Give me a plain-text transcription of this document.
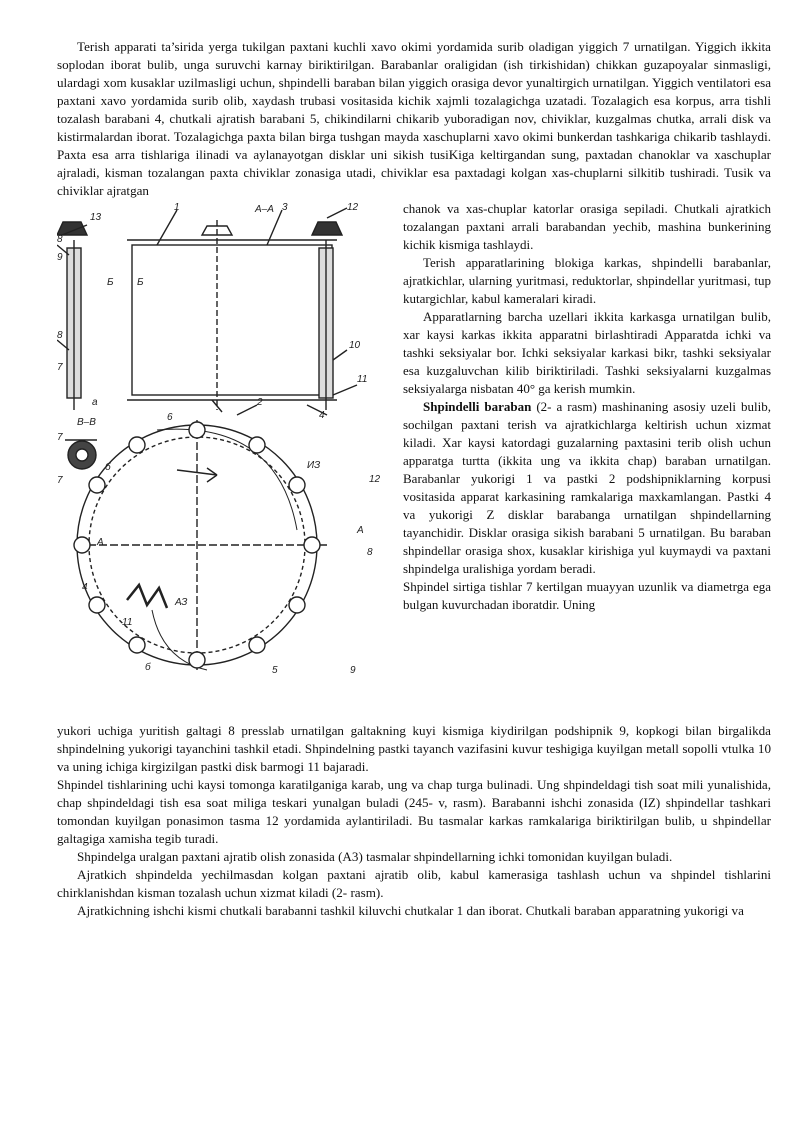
Terish apparati ta’sirida yerga tukilgan paxtani kuchli xavo okimi yordamida surib oladigan yiggich 7 urnatilgan. Yiggich ikkita soplodan iborat bulib, unga suruvchi karnay biriktirilgan. Barabanlar oraligidan (ish tirkishidan) chikkan guzapoyalar sinmasligi, ulardagi xom kusaklar uzilmasligi uchun, shpindelli baraban bilan yiggich orasiga devor yunaltirgich urnatilgan. Yiggich ventilatori esa paxtani xavo yordamida surib olib, xaydash trubasi vositasida kichik xajmli tozalagichga uzatadi. Tozalagich esa korpus, arra tishli tozalash barabani 4, chutkali ajratish barabani 5, chikindilarni chikarib yuboradigan nov, chiviklar, kuzgalmas chutka, arrali disk va kistirmalardan iborat. Tozalagichga paxta bilan birga tushgan mayda xaschuplarni xavo okimi bunkerdan tashkariga chikarib tashlaydi. Paxta esa arra tishlariga ilinadi va aylanayotgan disklar uni sikish tusiKiga keltirgandan sung, paxtadan chanoklar va xaschuplar ajraladi, kisman tozalangan paxta chiviklar zonasiga utadi, chiviklar esa paxtadagi kolgan xas-chuplarni silkitib tushiradi. Tusik va chiviklar ajratgan

1	3
A–A
13
12
8
9
Б Б
8
7
10
11
a	2
4
B–B	6
7
б
7
ИЗ
12
A
A
8
4
АЗ
11
б	5	9

chanok va xas-chuplar katorlar orasiga sepiladi. Chutkali ajratkich tozalangan paxtani arrali barabandan yechib, mashina bunkerining kichik kismiga tashlaydi.

Terish apparatlarining blokiga karkas, shpindelli barabanlar, ajratkichlar, ularning yuritmasi, reduktorlar, shpindellar yuritmasi, tup kutargichlar, kabul kameralari kiradi.

Apparatlarning barcha uzellari ikkita karkasga urnatilgan bulib, xar kaysi karkas ikkita apparatni birlashtiradi Apparatda ichki va tashki seksiyalar bor. Ichki seksiyalar karkasi bikr, tashki seksiyalar esa kuzgaluvchan kilib biriktiriladi. Tashki seksiyalarni kuzgalmas seksiyalarga nisbatan 40° ga kerish mumkin.

Shpindelli baraban (2- a rasm) mashinaning asosiy uzeli bulib, sochilgan paxtani terish va ajratkichlarga keltirish uchun xizmat kiladi. Xar kaysi katordagi guzalarning paxtasini terib olish uchun apparatga turtta (ikkita ung va ikkita chap) baraban urnatilgan. Barabanlar yukorigi 1 va pastki 2 podshipniklarning korpusi vositasida apparat karkasining ramkalariga maxkamlangan. Pastki 4 va yukorigi Z disklar barabanga urnatilgan shpindellarning tayanchidir. Disklar orasiga sikish barabani 5 urnatilgan. Bu baraban shpindellar orasiga shox, kusaklar kirishiga yul kuymaydi va paxtani shpindelga uralishiga yordam beradi.

Shpindel sirtiga tishlar 7 kertilgan muayyan uzunlik va diametrga ega bulgan kuvurchadan iboratdir. Uning

yukori uchiga yuritish galtagi 8 presslab urnatilgan galtakning kuyi kismiga kiydirilgan podshipnik 9, kopkogi bilan birgalikda shpindelning yukorigi tayanchini tashkil etadi. Shpindelning pastki tayanch vazifasini kuvur teshigiga kuyilgan metall sopolli vtulka 10 va uning ichiga kirgizilgan pastki disk barmogi 11 bajaradi.

Shpindel tishlarining uchi kaysi tomonga karatilganiga karab, ung va chap turga bulinadi. Ung shpindeldagi tish soat mili yunalishida, chap shpindeldagi tish esa soat miliga teskari yunalgan buladi (245- v, rasm). Barabanni ishchi zonasida (IZ) shpindellar tashkari tomondan kuyilgan ponasimon tasma 12 yordamida aylantiriladi. Bu tasmalar karkas ramkalariga biriktirilgan bulib, u shpindellar galtagiga xamisha tegib turadi.

Shpindelga uralgan paxtani ajratib olish zonasida (A3) tasmalar shpindellarning ichki tomonidan kuyilgan buladi.

Ajratkich shpindelda yechilmasdan kolgan paxtani ajratib olib, kabul kamerasiga tashlash uchun va shpindel tishlarini chirklanishdan kisman tozalash uchun xizmat kiladi (2- rasm).

Ajratkichning ishchi kismi chutkali barabanni tashkil kiluvchi chutkalar 1 dan iborat. Chutkali baraban apparatning yukorigi va
